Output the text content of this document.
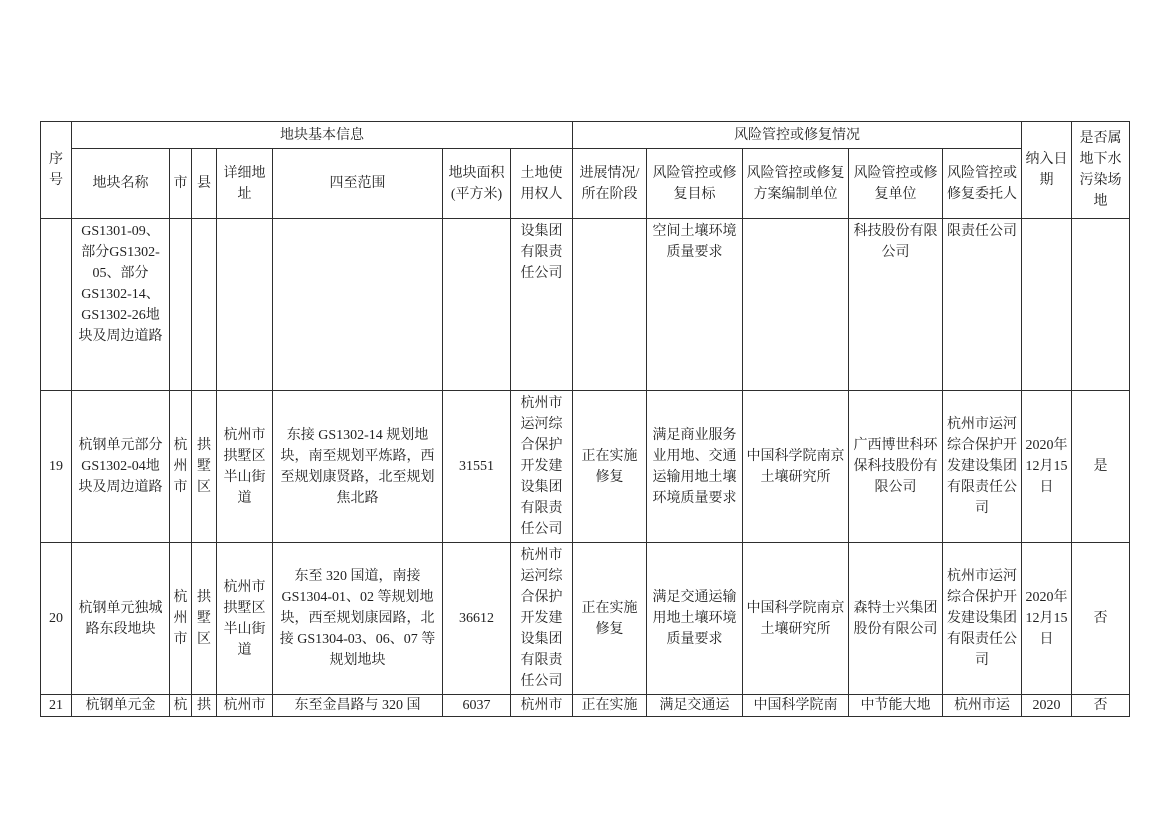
序号	地块基本信息							风险管控或修复情况					纳入日期	是否属地下水污染场地
	地块名称	市	县	详细地址	四至范围	地块面积 (平方米)	土地使用权人	进展情况/所在阶段	风险管控或修复目标	风险管控或修复方案编制单位	风险管控或修复单位	风险管控或修复委托人		
	GS1301-09、部分GS1302-05、部分GS1302-14、GS1302-26地块及周边道路						设集团有限责任公司		空间土壤环境质量要求		科技股份有限公司	限责任公司		
19	杭钢单元部分GS1302-04地块及周边道路	杭州市	拱墅区	杭州市拱墅区半山街道	东接 GS1302-14 规划地块，南至规划平炼路，西至规划康贤路，北至规划焦北路	31551	杭州市运河综合保护开发建设集团有限责任公司	正在实施修复	满足商业服务业用地、交通运输用地土壤环境质量要求	中国科学院南京土壤研究所	广西博世科环保科技股份有限公司	杭州市运河综合保护开发建设集团有限责任公司	2020年12月15日	是
20	杭钢单元独城路东段地块	杭州市	拱墅区	杭州市拱墅区半山街道	东至 320 国道，南接 GS1304-01、02 等规划地块，西至规划康园路，北接 GS1304-03、06、07 等规划地块	36612	杭州市运河综合保护开发建设集团有限责任公司	正在实施修复	满足交通运输用地土壤环境质量要求	中国科学院南京土壤研究所	森特士兴集团股份有限公司	杭州市运河综合保护开发建设集团有限责任公司	2020年12月15日	否
21	杭钢单元金	杭	拱	杭州市	东至金昌路与 320 国	6037	杭州市	正在实施	满足交通运	中国科学院南	中节能大地	杭州市运	2020	否
